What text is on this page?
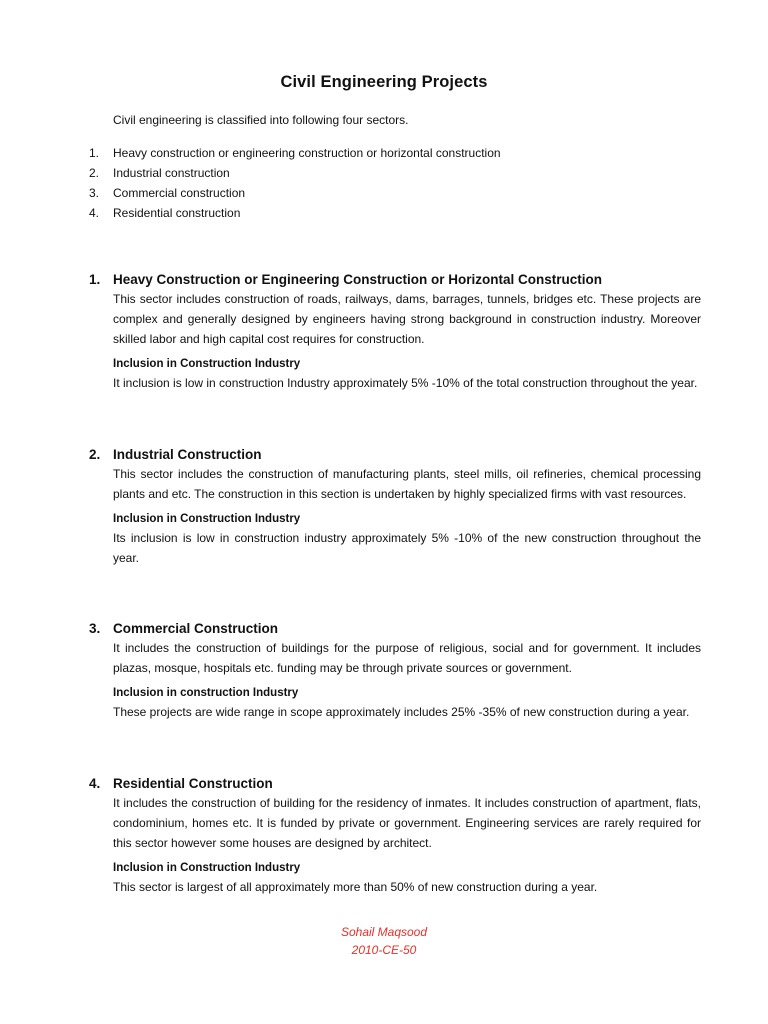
Civil Engineering Projects
Civil engineering is classified into following four sectors.
1. Heavy construction or engineering construction or horizontal construction
2. Industrial construction
3. Commercial construction
4. Residential construction
1. Heavy Construction or Engineering Construction or Horizontal Construction
This sector includes construction of roads, railways, dams, barrages, tunnels, bridges etc. These projects are complex and generally designed by engineers having strong background in construction industry. Moreover skilled labor and high capital cost requires for construction.
Inclusion in Construction Industry
It inclusion is low in construction Industry approximately 5% -10% of the total construction throughout the year.
2. Industrial Construction
This sector includes the construction of manufacturing plants, steel mills, oil refineries, chemical processing plants and etc. The construction in this section is undertaken by highly specialized firms with vast resources.
Inclusion in Construction Industry
Its inclusion is low in construction industry approximately 5% -10% of the new construction throughout the year.
3. Commercial Construction
It includes the construction of buildings for the purpose of religious, social and for government. It includes plazas, mosque, hospitals etc. funding may be through private sources or government.
Inclusion in construction Industry
These projects are wide range in scope approximately includes 25% -35% of new construction during a year.
4. Residential Construction
It includes the construction of building for the residency of inmates. It includes construction of apartment, flats, condominium, homes etc. It is funded by private or government. Engineering services are rarely required for this sector however some houses are designed by architect.
Inclusion in Construction Industry
This sector is largest of all approximately more than 50% of new construction during a year.
Sohail Maqsood
2010-CE-50
